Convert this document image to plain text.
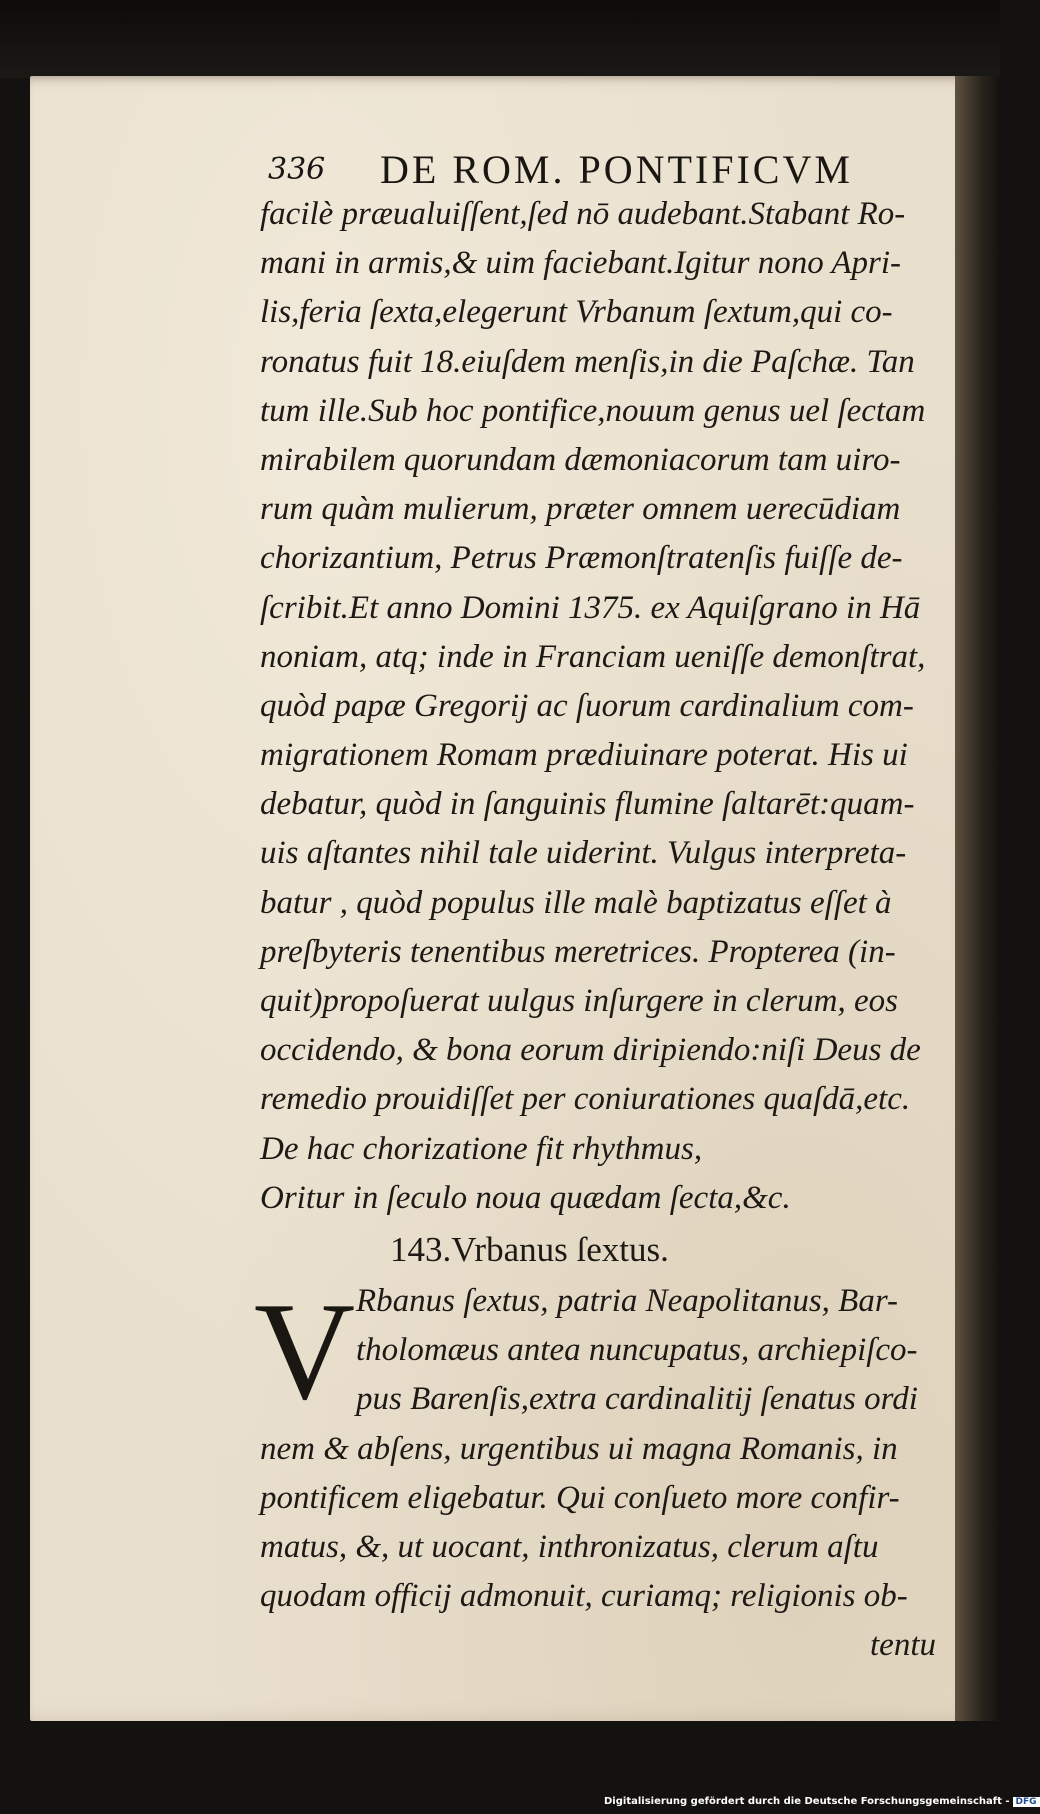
336 DE ROM. PONTIFICVM
facilè præualuiſſent,ſed nō audebant.Stabant Ro-
mani in armis,& uim faciebant.Igitur nono Apri-
lis,feria ſexta,elegerunt Vrbanum ſextum,qui co-
ronatus fuit 18.eiuſdem menſis,in die Paſchæ. Tan
tum ille.Sub hoc pontifice,nouum genus uel ſectam
mirabilem quorundam dæmoniacorum tam uiro-
rum quàm mulierum, præter omnem uerecūdiam
chorizantium, Petrus Præmonſtratenſis fuiſſe de-
ſcribit.Et anno Domini 1375. ex Aquiſgrano in Hā
noniam, atq; inde in Franciam ueniſſe demonſtrat,
quòd papæ Gregorij ac ſuorum cardinalium com-
migrationem Romam prædiuinare poterat. His ui
debatur, quòd in ſanguinis flumine ſaltarēt:quam-
uis aſtantes nihil tale uiderint. Vulgus interpreta-
batur , quòd populus ille malè baptizatus eſſet à
preſbyteris tenentibus meretrices. Propterea (in-
quit)propoſuerat uulgus inſurgere in clerum, eos
occidendo, & bona eorum diripiendo:niſi Deus de
remedio prouidiſſet per coniurationes quaſdā,etc.
De hac chorizatione fit rhythmus,
Oritur in ſeculo noua quædam ſecta,&c.
143.Vrbanus ſextus.
V Rbanus ſextus, patria Neapolitanus, Bar-
tholomæus antea nuncupatus, archiepiſco-
pus Barenſis,extra cardinalitij ſenatus ordi
nem & abſens, urgentibus ui magna Romanis, in
pontificem eligebatur. Qui conſueto more confir-
matus, &, ut uocant, inthronizatus, clerum aſtu
quodam officij admonuit, curiamq; religionis ob-
tentu
Digitalisierung gefördert durch die Deutsche Forschungsgemeinschaft - DFG
